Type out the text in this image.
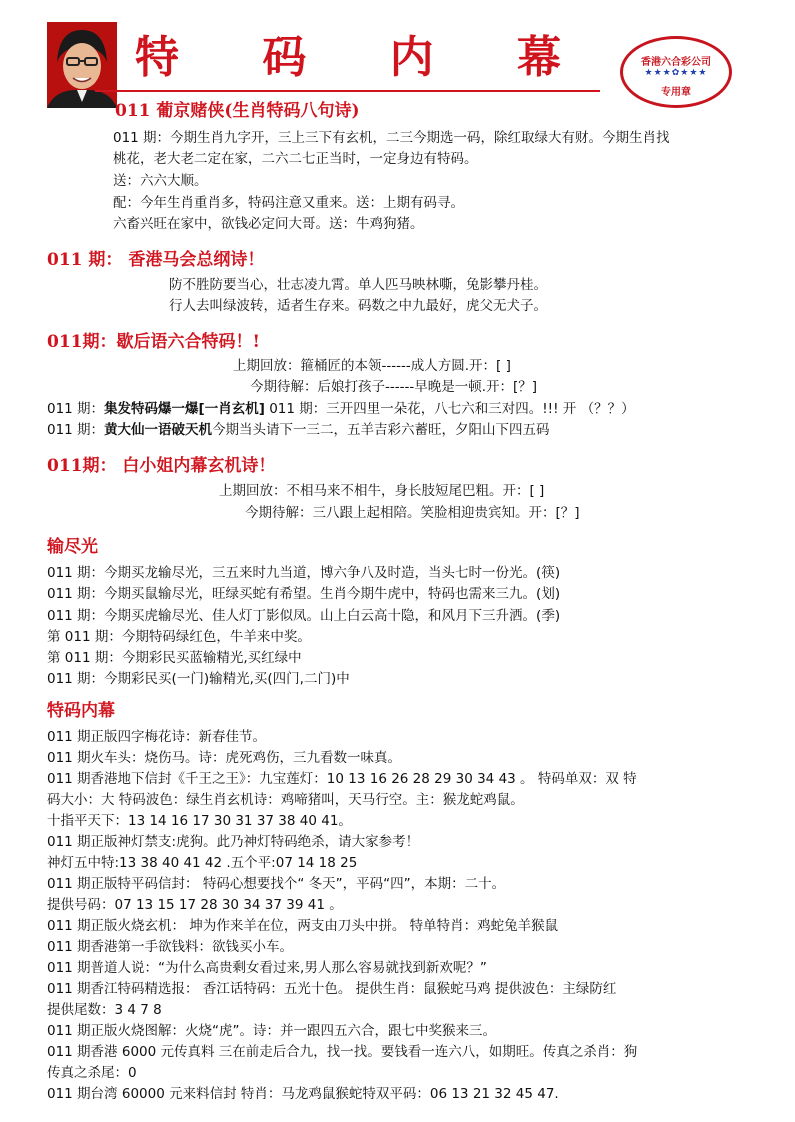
特 码 内 幕	香港六合彩公司
★★★✿★★★
专用章
011 葡京赌侠(生肖特码八句诗)
011 期：今期生肖九字开，三上三下有玄机，二三今期选一码，除红取绿大有财。今期生肖找
桃花，老大老二定在家，二六二七正当时，一定身边有特码。
送：六六大顺。
配：今年生肖重肖多，特码注意又重来。送：上期有码寻。
六畜兴旺在家中，欲钱必定问大哥。送：牛鸡狗猪。
011 期： 香港马会总纲诗！
防不胜防要当心，壮志凌九霄。单人匹马映林嘶，兔影攀丹桂。
行人去叫绿波转，适者生存来。码数之中九最好，虎父无犬子。
011期：歇后语六合特码！!
上期回放：箍桶匠的本领------成人方圆.开：[ ]
今期待解：后娘打孩子------早晚是一顿.开：[？]
011 期：集发特码爆一爆[一肖玄机] 011 期：三开四里一朵花，八七六和三对四。!!! 开 （？？）
011 期：黄大仙一语破天机今期当头请下一三二，五羊吉彩六蓄旺，夕阳山下四五码
011期： 白小姐内幕玄机诗！
上期回放：不相马来不相牛，身长肢短尾巴粗。开：[ ]
今期待解：三八跟上起相陪。笑脸相迎贵宾知。开：[？]
输尽光
011 期：今期买龙输尽光，三五来时九当道，博六争八及时造，当头七时一份光。(筷)
011 期：今期买鼠输尽光，旺绿买蛇有希望。生肖今期牛虎中，特码也需来三九。(划)
011 期：今期买虎输尽光、佳人灯丁影似凤。山上白云高十隐，和风月下三升洒。(季)
第 011 期：今期特码绿红色，牛羊来中奖。
第 011 期：今期彩民买蓝输精光,买红绿中
011 期：今期彩民买(一门)输精光,买(四门,二门)中
特码内幕
011 期正版四字梅花诗：新春佳节。
011 期火车头：烧伤马。诗：虎死鸡伤，三九看数一味真。
011 期香港地下信封《千王之王》：九宝莲灯：10 13 16 26 28 29 30 34 43 。 特码单双：双 特
码大小：大 特码波色：绿生肖玄机诗：鸡啼猪叫，天马行空。主：猴龙蛇鸡鼠。
十指平天下：13 14 16 17 30 31 37 38 40 41。
011 期正版神灯禁支:虎狗。此乃神灯特码绝杀，请大家参考！
神灯五中特:13 38 40 41 42 .五个平:07 14 18 25
011 期正版特平码信封： 特码心想要找个“ 冬天”，平码“四”，本期：二十。
提供号码：07 13 15 17 28 30 34 37 39 41 。
011 期正版火烧玄机： 坤为作来羊在位，两支由刀头中拼。 特单特肖：鸡蛇兔羊猴鼠
011 期香港第一手欲钱料：欲钱买小车。
011 期普道人说：“为什么高贵剩女看过来,男人那么容易就找到新欢呢？”
011 期香江特码精选报： 香江话特码：五光十色。 提供生肖：鼠猴蛇马鸡 提供波色：主绿防红
提供尾数：3 4 7 8
011 期正版火烧图解：火烧“虎”。诗：并一跟四五六合，跟七中奖猴来三。
011 期香港 6000 元传真料 三在前走后合九，找一找。要钱看一连六八，如期旺。传真之杀肖：狗
传真之杀尾：0
011 期台湾 60000 元来料信封 特肖：马龙鸡鼠猴蛇特双平码：06 13 21 32 45 47.
